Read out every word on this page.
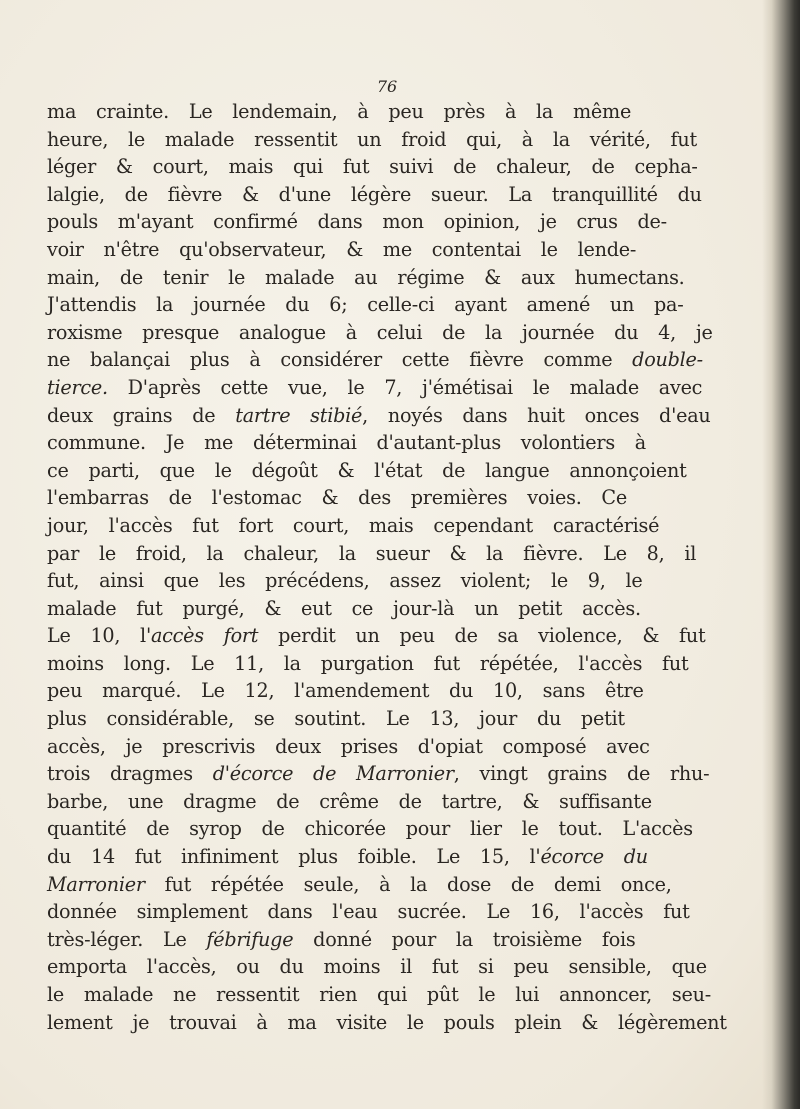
76
ma crainte. Le lendemain, à peu près à la même
heure, le malade ressentit un froid qui, à la vérité, fut
léger & court, mais qui fut suivi de chaleur, de cepha-
lalgie, de fièvre & d'une légère sueur. La tranquillité du
pouls m'ayant confirmé dans mon opinion, je crus de-
voir n'être qu'observateur, & me contentai le lende-
main, de tenir le malade au régime & aux humectans.
J'attendis la journée du 6; celle-ci ayant amené un pa-
roxisme presque analogue à celui de la journée du 4, je
ne balançai plus à considérer cette fièvre comme double-
tierce. D'après cette vue, le 7, j'émétisai le malade avec
deux grains de tartre stibié, noyés dans huit onces d'eau
commune. Je me déterminai d'autant-plus volontiers à
ce parti, que le dégoût & l'état de langue annonçoient
l'embarras de l'estomac & des premières voies. Ce
jour, l'accès fut fort court, mais cependant caractérisé
par le froid, la chaleur, la sueur & la fièvre. Le 8, il
fut, ainsi que les précédens, assez violent; le 9, le
malade fut purgé, & eut ce jour-là un petit accès.
Le 10, l'accès fort perdit un peu de sa violence, & fut
moins long. Le 11, la purgation fut répétée, l'accès fut
peu marqué. Le 12, l'amendement du 10, sans être
plus considérable, se soutint. Le 13, jour du petit
accès, je prescrivis deux prises d'opiat composé avec
trois dragmes d'écorce de Marronier, vingt grains de rhu-
barbe, une dragme de crême de tartre, & suffisante
quantité de syrop de chicorée pour lier le tout. L'accès
du 14 fut infiniment plus foible. Le 15, l'écorce du
Marronier fut répétée seule, à la dose de demi once,
donnée simplement dans l'eau sucrée. Le 16, l'accès fut
très-léger. Le fébrifuge donné pour la troisième fois
emporta l'accès, ou du moins il fut si peu sensible, que
le malade ne ressentit rien qui pût le lui annoncer, seu-
lement je trouvai à ma visite le pouls plein & légèrement
